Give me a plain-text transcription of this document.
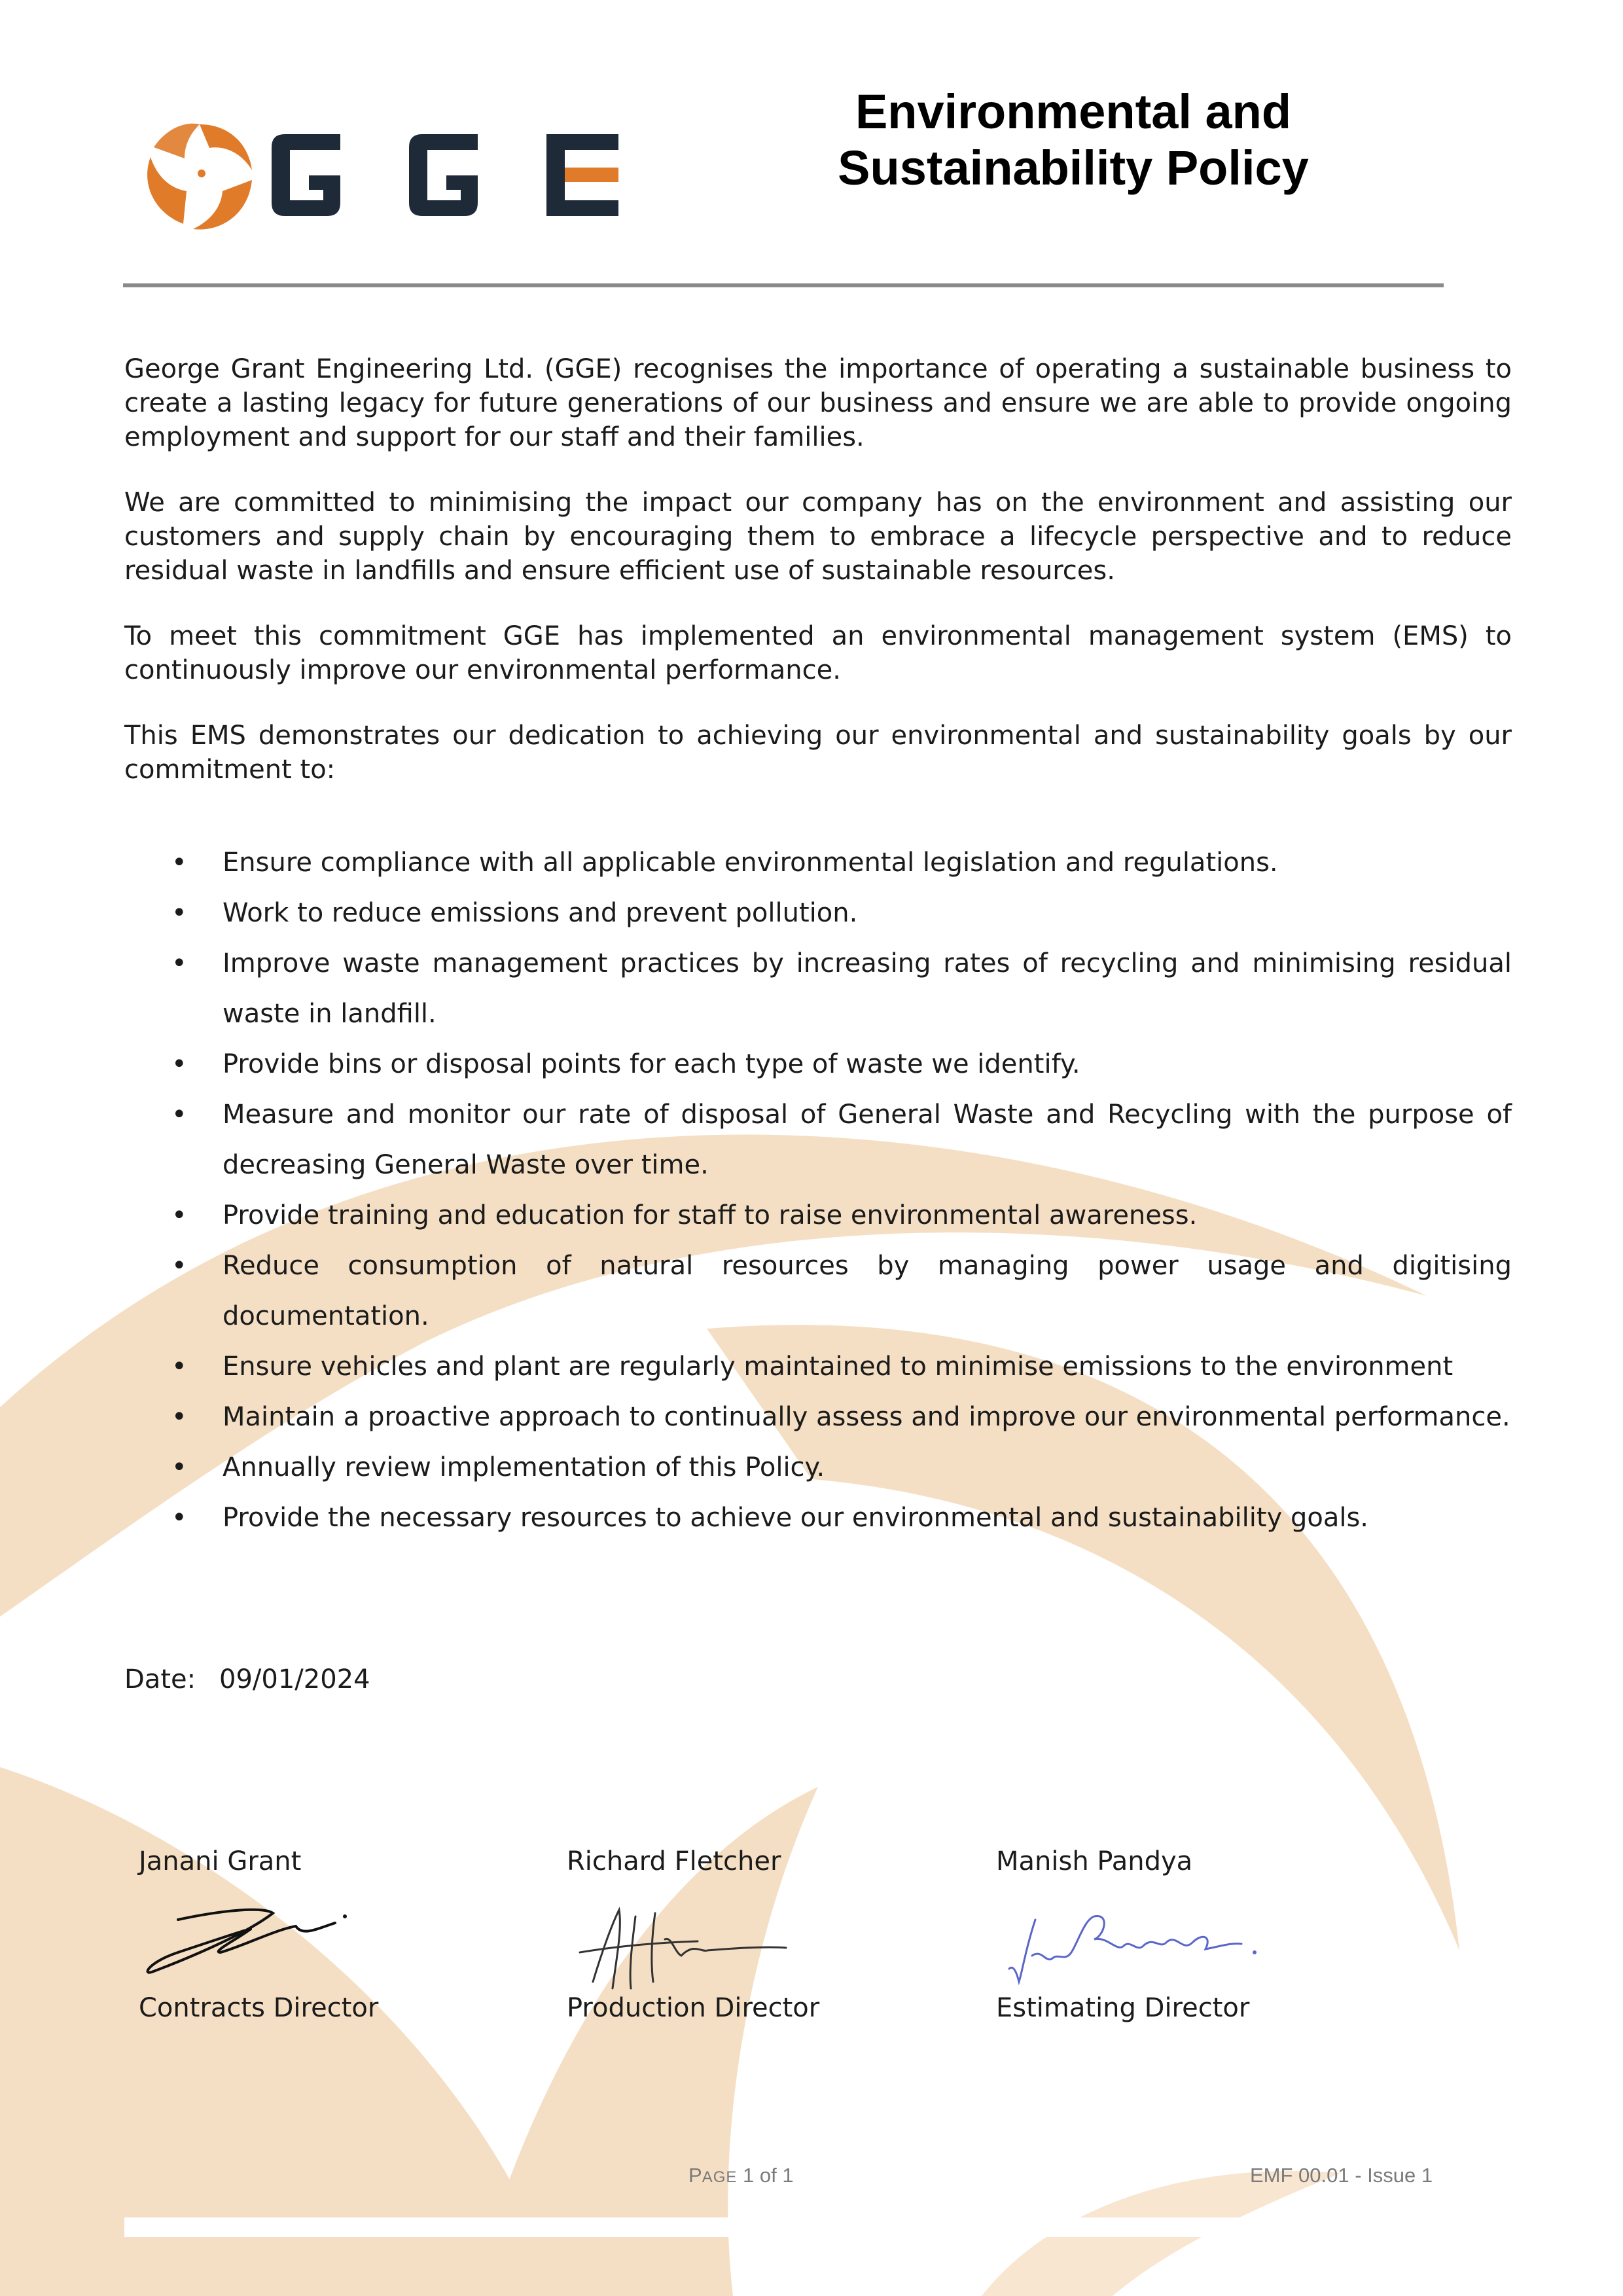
Environmental and
Sustainability Policy

George Grant Engineering Ltd. (GGE) recognises the importance of operating a sustainable business to create a lasting legacy for future generations of our business and ensure we are able to provide ongoing employment and support for our staff and their families.

We are committed to minimising the impact our company has on the environment and assisting our customers and supply chain by encouraging them to embrace a lifecycle perspective and to reduce residual waste in landfills and ensure efficient use of sustainable resources.

To meet this commitment GGE has implemented an environmental management system (EMS) to continuously improve our environmental performance.

This EMS demonstrates our dedication to achieving our environmental and sustainability goals by our commitment to:

• Ensure compliance with all applicable environmental legislation and regulations.
• Work to reduce emissions and prevent pollution.
• Improve waste management practices by increasing rates of recycling and minimising residual waste in landfill.
• Provide bins or disposal points for each type of waste we identify.
• Measure and monitor our rate of disposal of General Waste and Recycling with the purpose of decreasing General Waste over time.
• Provide training and education for staff to raise environmental awareness.
• Reduce consumption of natural resources by managing power usage and digitising documentation.
• Ensure vehicles and plant are regularly maintained to minimise emissions to the environment
• Maintain a proactive approach to continually assess and improve our environmental performance.
• Annually review implementation of this Policy.
• Provide the necessary resources to achieve our environmental and sustainability goals.
Date: 09/01/2024
Janani Grant
Contracts Director
Richard Fletcher
Production Director
Manish Pandya
Estimating Director
PAGE 1 of 1	EMF 00.01 - Issue 1
